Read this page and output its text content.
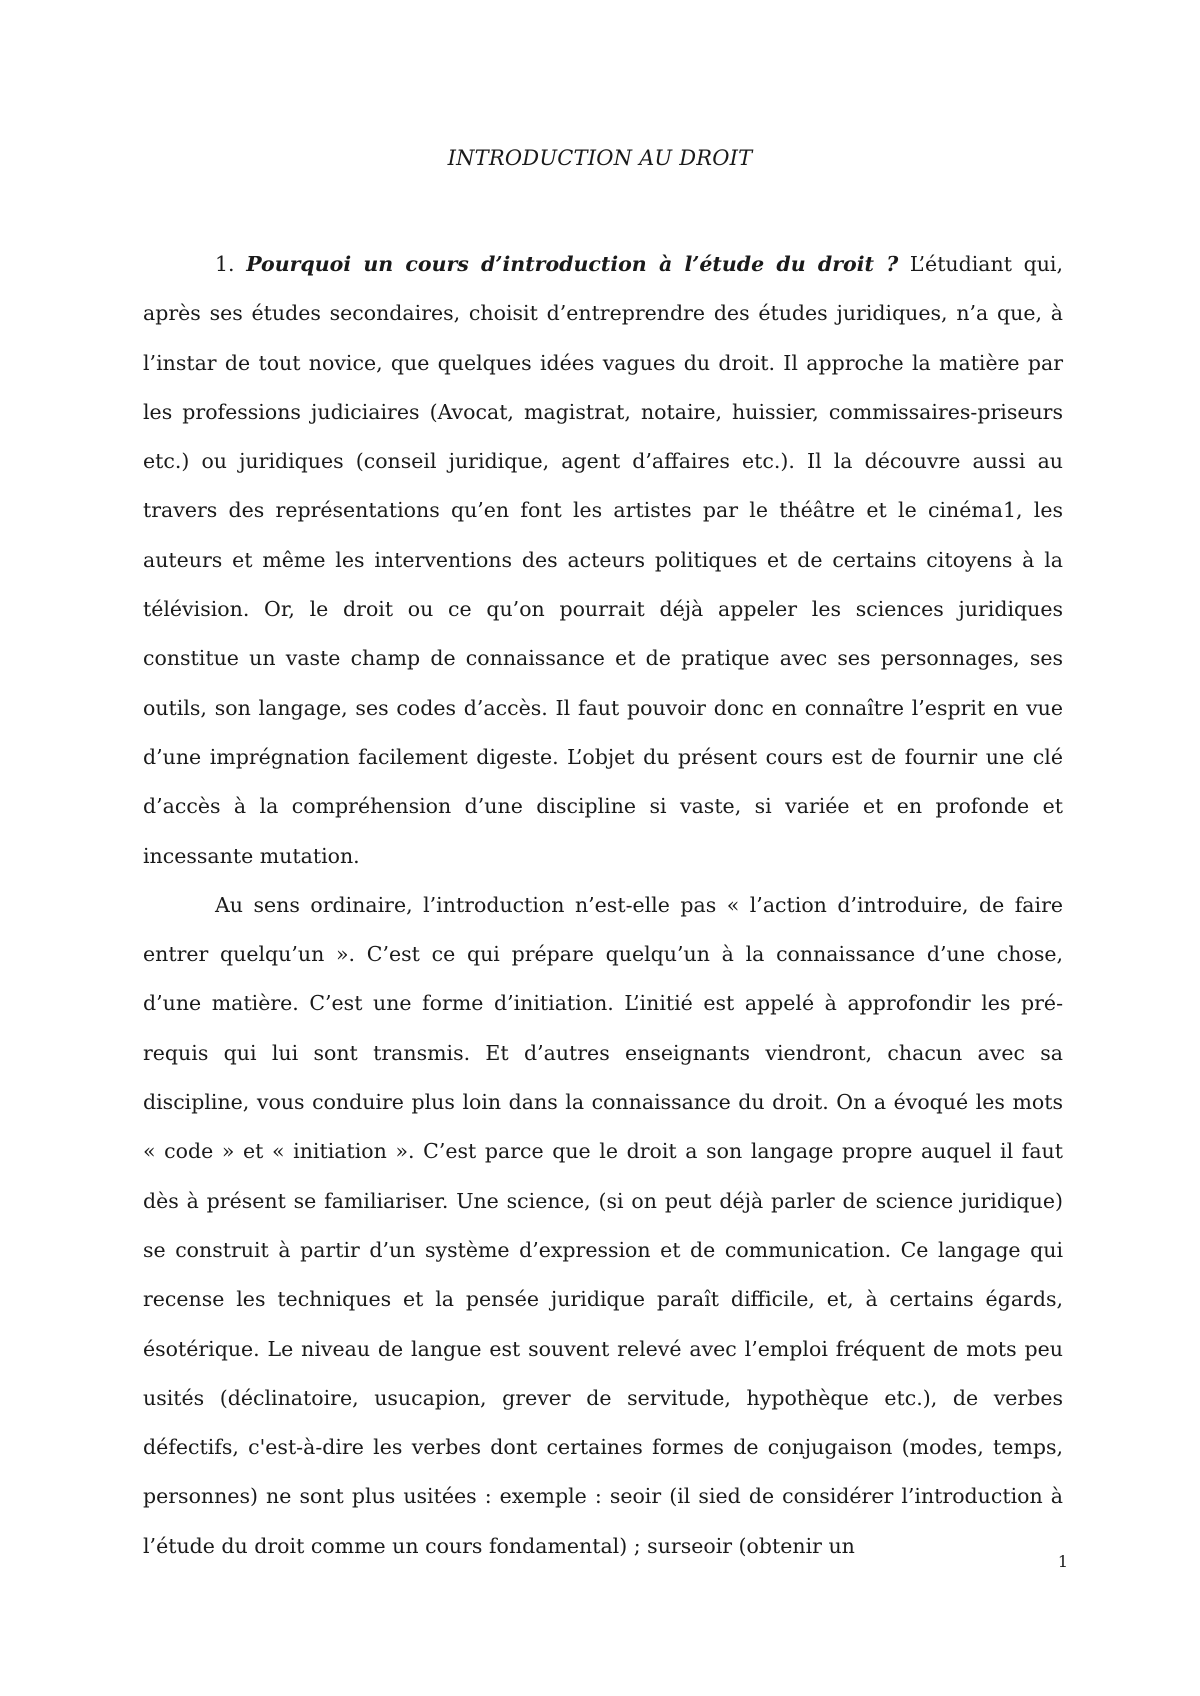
INTRODUCTION AU DROIT

1. Pourquoi un cours d’introduction à l’étude du droit ? L’étudiant qui, après ses études secondaires, choisit d’entreprendre des études juridiques, n’a que, à l’instar de tout novice, que quelques idées vagues du droit. Il approche la matière par les professions judiciaires (Avocat, magistrat, notaire, huissier, commissaires-priseurs etc.) ou juridiques (conseil juridique, agent d’affaires etc.). Il la découvre aussi au travers des représentations qu’en font les artistes par le théâtre et le cinéma1, les auteurs et même les interventions des acteurs politiques et de certains citoyens à la télévision. Or, le droit ou ce qu’on pourrait déjà appeler les sciences juridiques constitue un vaste champ de connaissance et de pratique avec ses personnages, ses outils, son langage, ses codes d’accès. Il faut pouvoir donc en connaître l’esprit en vue d’une imprégnation facilement digeste. L’objet du présent cours est de fournir une clé d’accès à la compréhension d’une discipline si vaste, si variée et en profonde et incessante mutation.

Au sens ordinaire, l’introduction n’est-elle pas « l’action d’introduire, de faire entrer quelqu’un ». C’est ce qui prépare quelqu’un à la connaissance d’une chose, d’une matière. C’est une forme d’initiation. L’initié est appelé à approfondir les pré-requis qui lui sont transmis. Et d’autres enseignants viendront, chacun avec sa discipline, vous conduire plus loin dans la connaissance du droit. On a évoqué les mots « code » et « initiation ». C’est parce que le droit a son langage propre auquel il faut dès à présent se familiariser. Une science, (si on peut déjà parler de science juridique) se construit à partir d’un système d’expression et de communication. Ce langage qui recense les techniques et la pensée juridique paraît difficile, et, à certains égards, ésotérique. Le niveau de langue est souvent relevé avec l’emploi fréquent de mots peu usités (déclinatoire, usucapion, grever de servitude, hypothèque etc.), de verbes défectifs, c'est-à-dire les verbes dont certaines formes de conjugaison (modes, temps, personnes) ne sont plus usitées : exemple : seoir (il sied de considérer l’introduction à l’étude du droit comme un cours fondamental) ; surseoir (obtenir un

1
